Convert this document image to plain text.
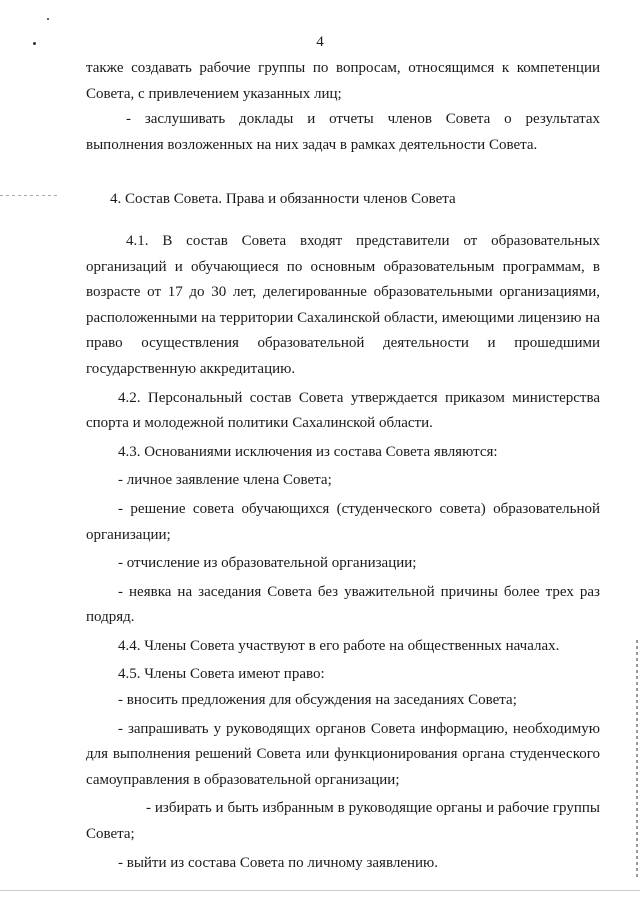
4

также создавать рабочие группы по вопросам, относящимся к компетенции Совета, с привлечением указанных лиц;

- заслушивать доклады и отчеты членов Совета о результатах выполнения возложенных на них задач в рамках деятельности Совета.

4. Состав Совета. Права и обязанности членов Совета

4.1. В состав Совета входят представители от образовательных организаций и обучающиеся по основным образовательным программам, в возрасте от 17 до 30 лет, делегированные образовательными организациями, расположенными на территории Сахалинской области, имеющими лицензию на право осуществления образовательной деятельности и прошедшими государственную аккредитацию.

4.2. Персональный состав Совета утверждается приказом министерства спорта и молодежной политики Сахалинской области.

4.3. Основаниями исключения из состава Совета являются:

- личное заявление члена Совета;

- решение совета обучающихся (студенческого совета) образовательной организации;

- отчисление из образовательной организации;

- неявка на заседания Совета без уважительной причины более трех раз подряд.

4.4. Члены Совета участвуют в его работе на общественных началах.

4.5. Члены Совета имеют право:

- вносить предложения для обсуждения на заседаниях Совета;

- запрашивать у руководящих органов Совета информацию, необходимую для выполнения решений Совета или функционирования органа студенческого самоуправления в образовательной организации;

- избирать и быть избранным в руководящие органы и рабочие группы Совета;

- выйти из состава Совета по личному заявлению.
